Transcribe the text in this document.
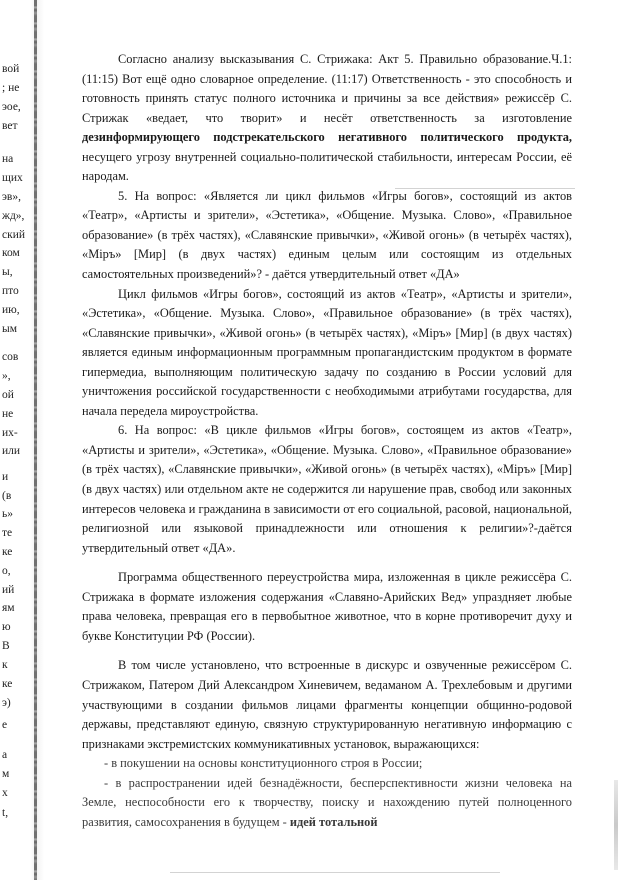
вой
; не
эое,
вет
на
щих
эв»,
жд»,
ский
ком
ы,
пто
ию,
ым
сов
»,
ой
не
их-
или
и
(в
ь»
те
ке
о,
ий
ям
ю
В
к
ке
э)
е
а
м
х
t,

Согласно анализу высказывания С. Стрижака: Акт 5. Правильно образование.Ч.1:(11:15) Вот ещё одно словарное определение. (11:17) Ответственность - это способность и готовность принять статус полного источника и причины за все действия» режиссёр С. Стрижак «ведает, что творит» и несёт ответственность за изготовление дезинформирующего подстрекательского негативного политического продукта, несущего угрозу внутренней социально-политической стабильности, интересам России, её народам.

5. На вопрос: «Является ли цикл фильмов «Игры богов», состоящий из актов «Театр», «Артисты и зрители», «Эстетика», «Общение. Музыка. Слово», «Правильное образование» (в трёх частях), «Славянские привычки», «Живой огонь» (в четырёх частях), «Mipъ» [Мир] (в двух частях) единым целым или состоящим из отдельных самостоятельных произведений»? - даётся утвердительный ответ «ДА»

Цикл фильмов «Игры богов», состоящий из актов «Театр», «Артисты и зрители», «Эстетика», «Общение. Музыка. Слово», «Правильное образование» (в трёх частях), «Славянские привычки», «Живой огонь» (в четырёх частях), «Mipъ» [Мир] (в двух частях) является единым информационным программным пропагандистским продуктом в формате гипермедиа, выполняющим политическую задачу по созданию в России условий для уничтожения российской государственности с необходимыми атрибутами государства, для начала передела мироустройства.

6. На вопрос: «В цикле фильмов «Игры богов», состоящем из актов «Театр», «Артисты и зрители», «Эстетика», «Общение. Музыка. Слово», «Правильное образование» (в трёх частях), «Славянские привычки», «Живой огонь» (в четырёх частях), «Mipъ» [Мир] (в двух частях) или отдельном акте не содержится ли нарушение прав, свобод или законных интересов человека и гражданина в зависимости от его социальной, расовой, национальной, религиозной или языковой принадлежности или отношения к религии»?-даётся утвердительный ответ «ДА».

Программа общественного переустройства мира, изложенная в цикле режиссёра С. Стрижака в формате изложения содержания «Славяно-Арийских Вед» упраздняет любые права человека, превращая его в первобытное животное, что в корне противоречит духу и букве Конституции РФ (России).

В том числе установлено, что встроенные в дискурс и озвученные режиссёром С. Стрижаком, Патером Дий Александром Хиневичем, ведаманом А. Трехлебовым и другими участвующими в создании фильмов лицами фрагменты концепции общинно-родовой державы, представляют единую, связную структурированную негативную информацию с признаками экстремистских коммуникативных установок, выражающихся:

- в покушении на основы конституционного строя в России;
- в распространении идей безнадёжности, бесперспективности жизни человека на Земле, неспособности его к творчеству, поиску и нахождению путей полноценного развития, самосохранения в будущем - идей тотальной
